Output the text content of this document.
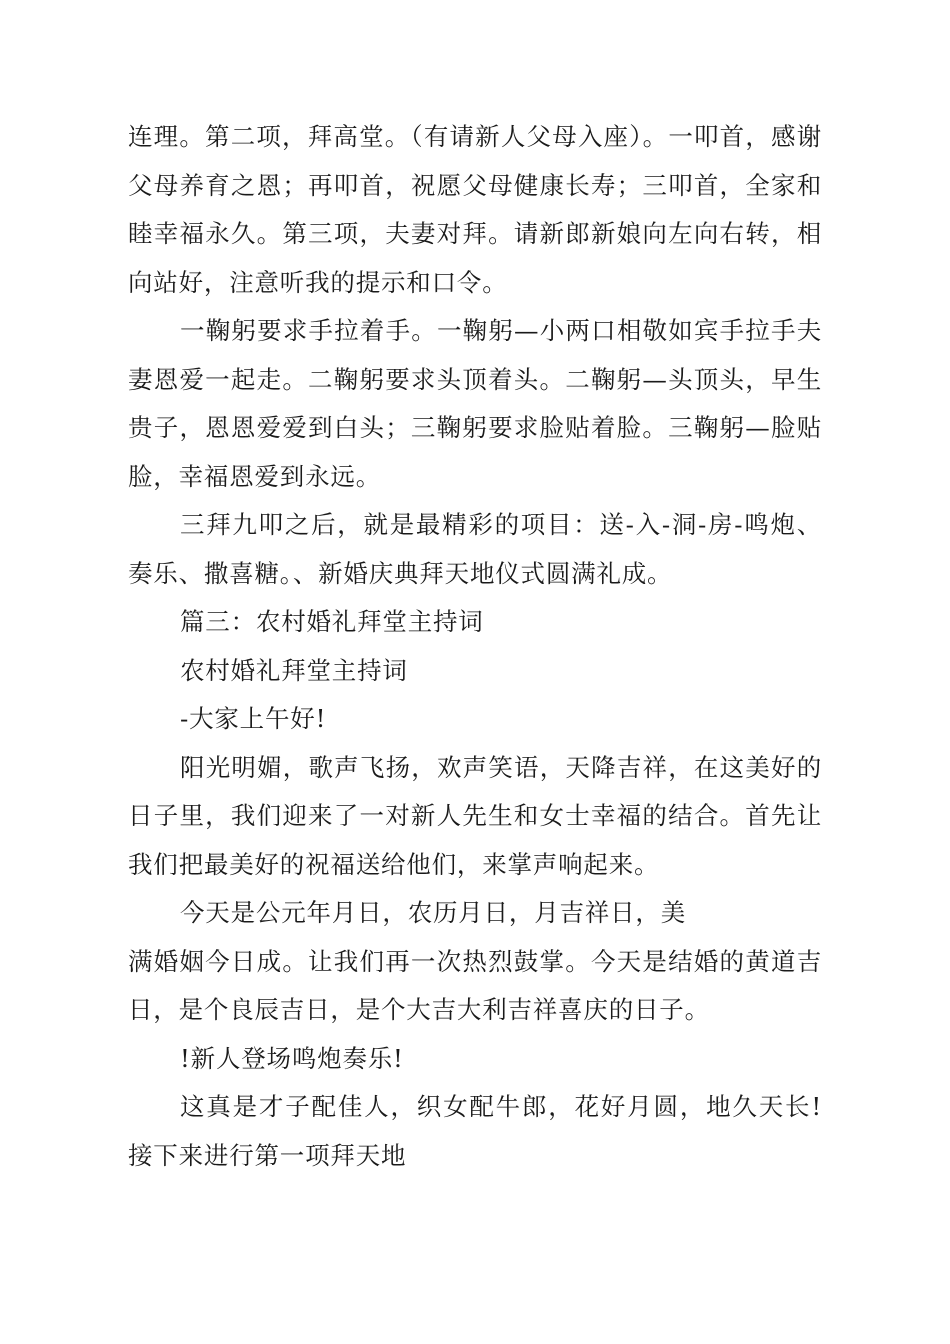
连理。第二项，拜高堂。（有请新人父母入座）。一叩首，感谢父母养育之恩；再叩首，祝愿父母健康长寿；三叩首，全家和睦幸福永久。第三项，夫妻对拜。请新郎新娘向左向右转，相向站好，注意听我的提示和口令。

一鞠躬要求手拉着手。一鞠躬—小两口相敬如宾手拉手夫妻恩爱一起走。二鞠躬要求头顶着头。二鞠躬—头顶头，早生贵子，恩恩爱爱到白头；三鞠躬要求脸贴着脸。三鞠躬—脸贴脸，幸福恩爱到永远。

三拜九叩之后，就是最精彩的项目：送-入-洞-房-鸣炮、奏乐、撒喜糖。、新婚庆典拜天地仪式圆满礼成。

篇三：农村婚礼拜堂主持词

农村婚礼拜堂主持词

-大家上午好!

阳光明媚，歌声飞扬，欢声笑语，天降吉祥，在这美好的日子里，我们迎来了一对新人先生和女士幸福的结合。首先让我们把最美好的祝福送给他们，来掌声响起来。

今天是公元年月日，农历月日，月吉祥日，美

满婚姻今日成。让我们再一次热烈鼓掌。今天是结婚的黄道吉日，是个良辰吉日，是个大吉大利吉祥喜庆的日子。

!新人登场鸣炮奏乐!

这真是才子配佳人，织女配牛郎，花好月圆，地久天长!接下来进行第一项拜天地
